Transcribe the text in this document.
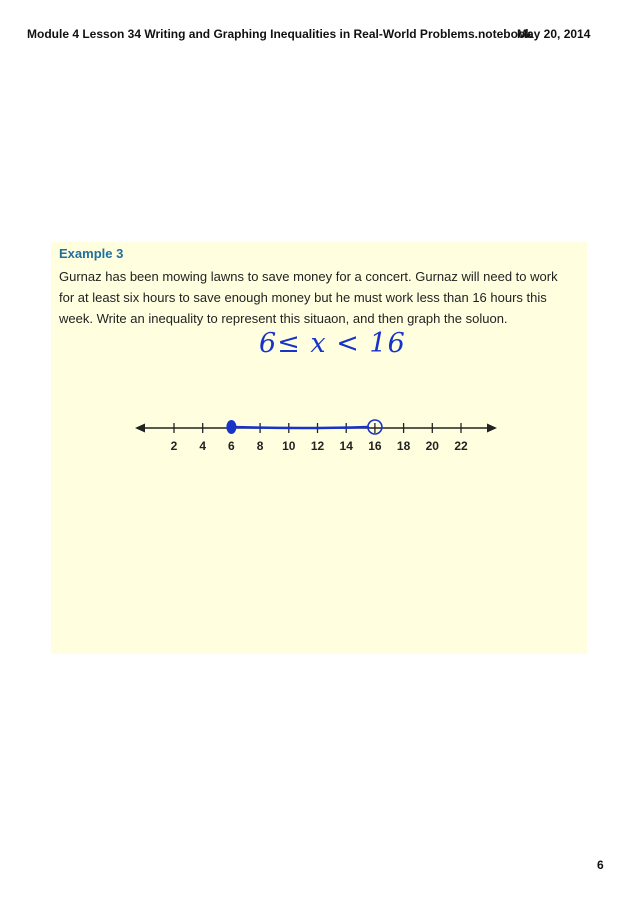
Module 4 Lesson 34 Writing and Graphing Inequalities in Real-World Problems.notebook
May 20, 2014
Example 3
Gurnaz has been mowing lawns to save money for a concert. Gurnaz will need to work for at least six hours to save enough money but he must work less than 16 hours this week. Write an inequality to represent this situaon, and then graph the soluon.
6≤ x < 16
2 4 6 8 10 12 14 16 18 20 22
6
